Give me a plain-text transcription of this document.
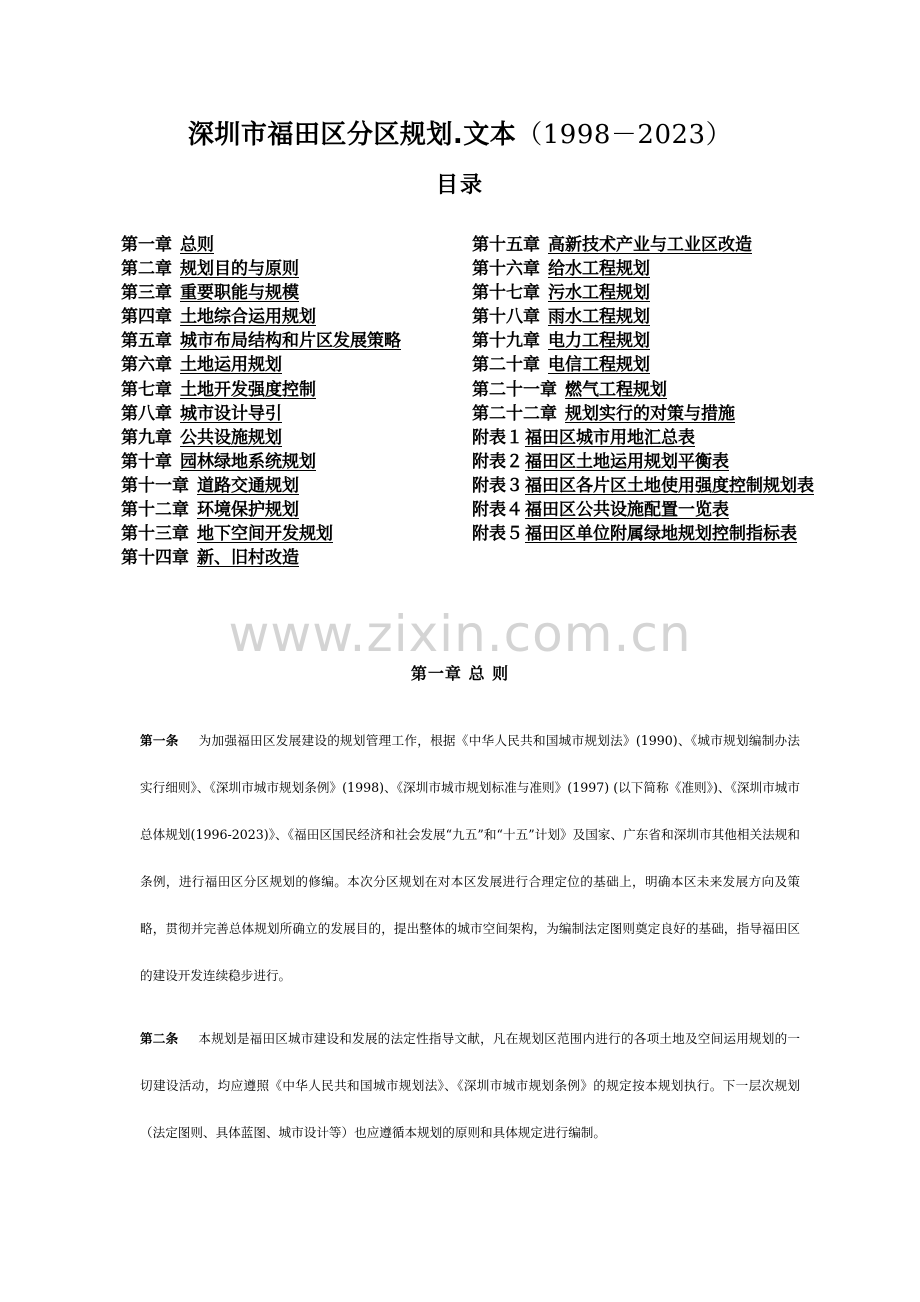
深圳市福田区分区规划.文本（1998－2023）
目录
第一章 总则
第二章 规划目的与原则
第三章 重要职能与规模
第四章 土地综合运用规划
第五章 城市布局结构和片区发展策略
第六章 土地运用规划
第七章 土地开发强度控制
第八章 城市设计导引
第九章 公共设施规划
第十章 园林绿地系统规划
第十一章 道路交通规划
第十二章 环境保护规划
第十三章 地下空间开发规划
第十四章 新、旧村改造
第十五章 高新技术产业与工业区改造
第十六章 给水工程规划
第十七章 污水工程规划
第十八章 雨水工程规划
第十九章 电力工程规划
第二十章 电信工程规划
第二十一章 燃气工程规划
第二十二章 规划实行的对策与措施
附表１ 福田区城市用地汇总表
附表２ 福田区土地运用规划平衡表
附表３ 福田区各片区土地使用强度控制规划表
附表４ 福田区公共设施配置一览表
附表５ 福田区单位附属绿地规划控制指标表
www.zixin.com.cn
第一章 总 则
第一条 为加强福田区发展建设的规划管理工作，根据《中华人民共和国城市规划法》(1990)、《城市规划编制办法实行细则》、《深圳市城市规划条例》(1998)、《深圳市城市规划标准与准则》(1997) (以下简称《准则》)、《深圳市城市总体规划(1996-2023)》、《福田区国民经济和社会发展“九五”和“十五”计划》及国家、广东省和深圳市其他相关法规和条例，进行福田区分区规划的修编。本次分区规划在对本区发展进行合理定位的基础上，明确本区未来发展方向及策略，贯彻并完善总体规划所确立的发展目的，提出整体的城市空间架构，为编制法定图则奠定良好的基础，指导福田区的建设开发连续稳步进行。
第二条 本规划是福田区城市建设和发展的法定性指导文献，凡在规划区范围内进行的各项土地及空间运用规划的一切建设活动，均应遵照《中华人民共和国城市规划法》、《深圳市城市规划条例》的规定按本规划执行。下一层次规划（法定图则、具体蓝图、城市设计等）也应遵循本规划的原则和具体规定进行编制。
